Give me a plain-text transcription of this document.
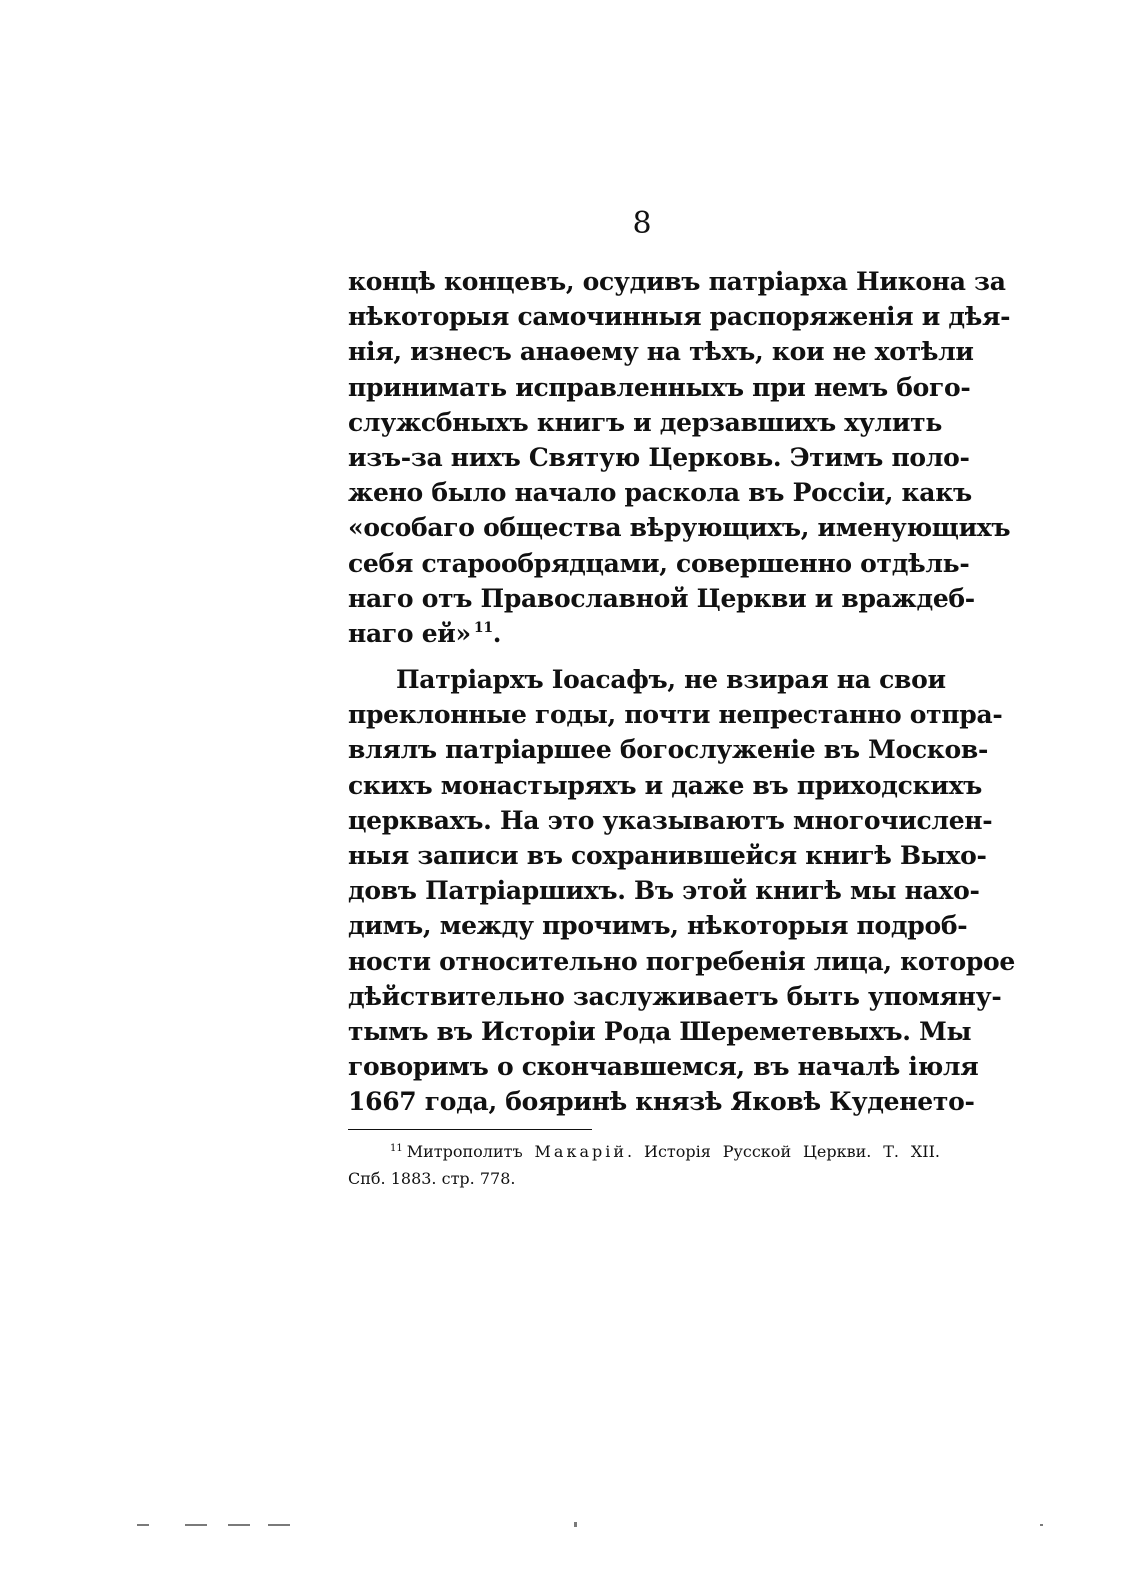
8
концѣ концевъ, осудивъ патріарха Никона за
нѣкоторыя самочинныя распоряженія и дѣя-
нія, изнесъ анаѳему на тѣхъ, кои не хотѣли
принимать исправленныхъ при немъ бого-
служсбныхъ книгъ и дерзавшихъ хулить
изъ-за нихъ Святую Церковь. Этимъ поло-
жено было начало раскола въ Россіи, какъ
«особаго общества вѣрующихъ, именующихъ
себя старообрядцами, совершенно отдѣль-
наго отъ Православной Церкви и враждеб-
наго ей» $^{11}$.
Патріархъ Іоасафъ, не взирая на свои
преклонные годы, почти непрестанно отпра-
влялъ патріаршее богослуженіе въ Москов-
скихъ монастыряхъ и даже въ приходскихъ
церквахъ. На это указываютъ многочислен-
ныя записи въ сохранившейся книгѣ Выхо-
довъ Патріаршихъ. Въ этой книгѣ мы нахо-
димъ, между прочимъ, нѣкоторыя подроб-
ности относительно погребенія лица, которое
дѣйствительно заслуживаетъ быть упомяну-
тымъ въ Исторіи Рода Шереметевыхъ. Мы
говоримъ о скончавшемся, въ началѣ іюля
1667 года, бояринѣ князѣ Яковѣ Куденето-
$^{11}$ Митрополитъ Макарій. Исторія Русской Церкви. Т. XII.
Спб. 1883. стр. 778.
